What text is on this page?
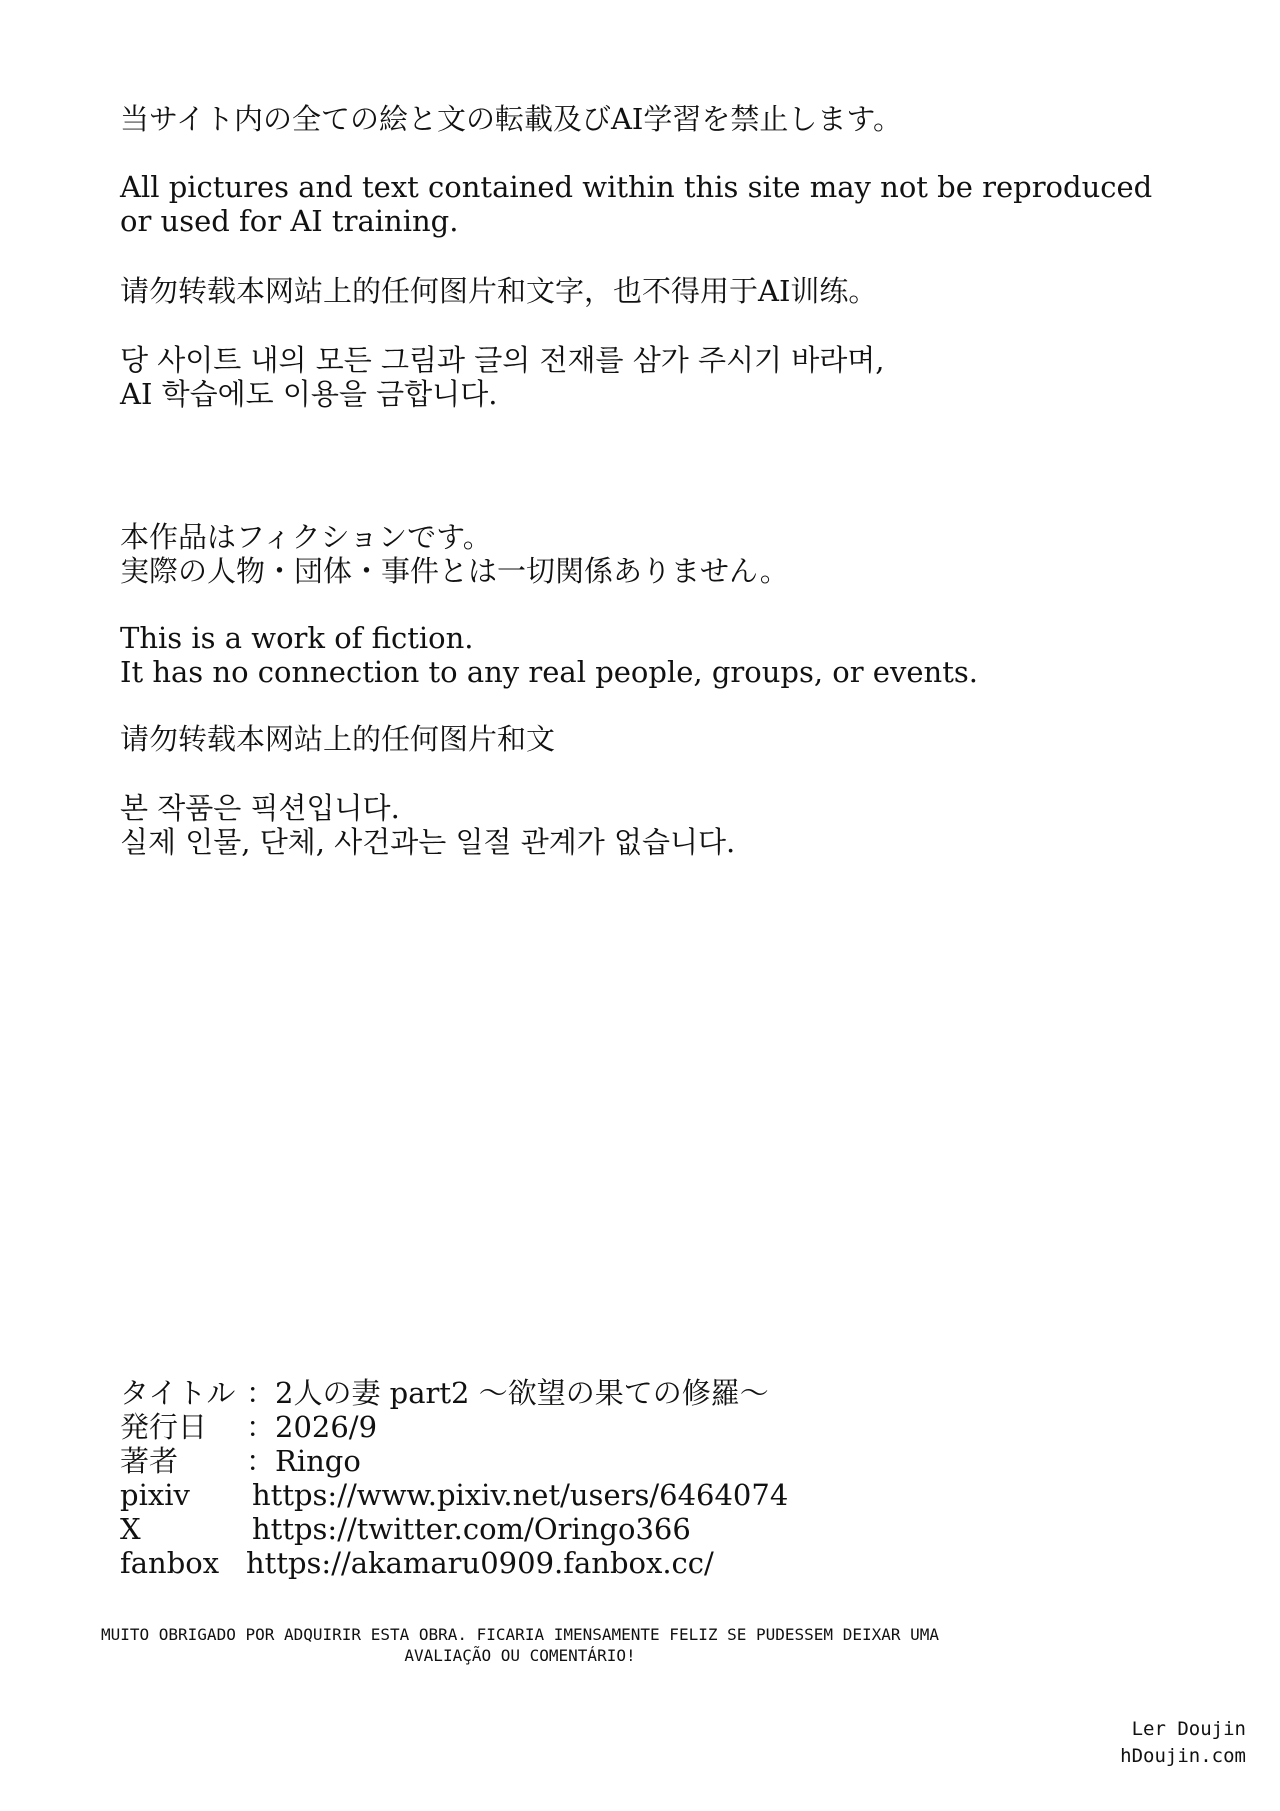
当サイト内の全ての絵と文の転載及びAI学習を禁止します。
All pictures and text contained within this site may not be reproduced
or used for AI training.
请勿转载本网站上的任何图片和文字，也不得用于AI训练。
당 사이트 내의 모든 그림과 글의 전재를 삼가 주시기 바라며,
AI 학습에도 이용을 금합니다.
本作品はフィクションです。
実際の人物・団体・事件とは一切関係ありません。
This is a work of fiction.
It has no connection to any real people, groups, or events.
请勿转载本网站上的任何图片和文
본 작품은 픽션입니다.
실제 인물, 단체, 사건과는 일절 관계가 없습니다.
タイトル ：2人の妻 part2 ～欲望の果ての修羅～
発行日	：2026/9
著者	：Ringo
pixiv	https://www.pixiv.net/users/6464074
X	https://twitter.com/Oringo366
fanbox https://akamaru0909.fanbox.cc/
MUITO OBRIGADO POR ADQUIRIR ESTA OBRA. FICARIA IMENSAMENTE FELIZ SE PUDESSEM DEIXAR UMA
AVALIAÇÃO OU COMENTÁRIO!
Ler Doujin
hDoujin.com
